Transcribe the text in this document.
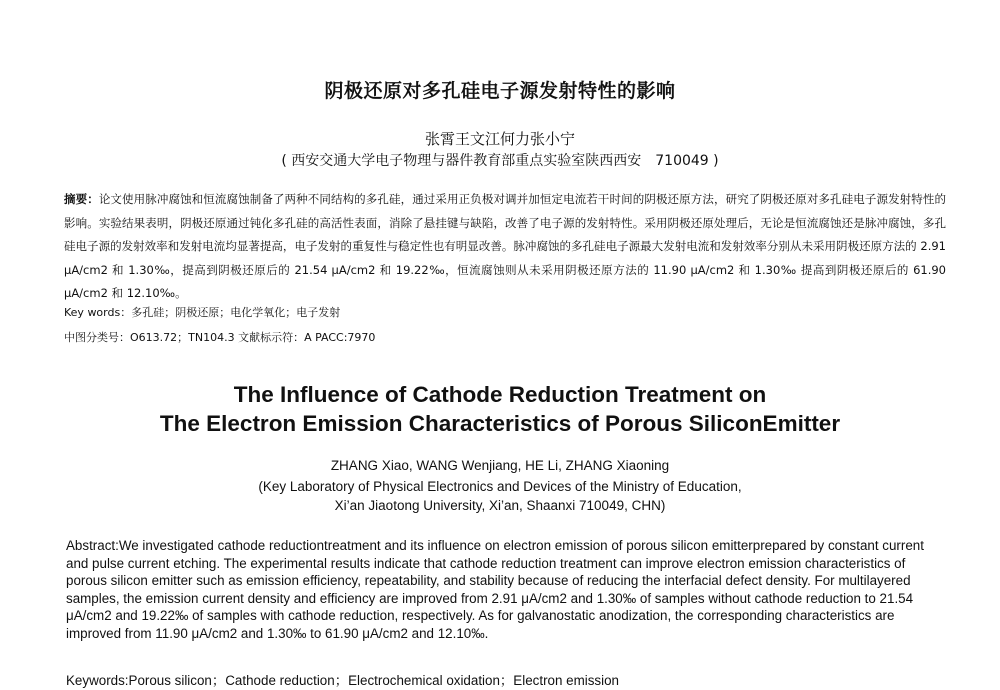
阴极还原对多孔硅电子源发射特性的影响
张霄王文江何力张小宁
( 西安交通大学电子物理与器件教育部重点实验室陕西西安　710049 )
摘要：论文使用脉冲腐蚀和恒流腐蚀制备了两种不同结构的多孔硅，通过采用正负极对调并加恒定电流若干时间的阴极还原方法，研究了阴极还原对多孔硅电子源发射特性的影响。实验结果表明，阴极还原通过钝化多孔硅的高活性表面，消除了悬挂键与缺陷，改善了电子源的发射特性。采用阴极还原处理后，无论是恒流腐蚀还是脉冲腐蚀，多孔硅电子源的发射效率和发射电流均显著提高，电子发射的重复性与稳定性也有明显改善。脉冲腐蚀的多孔硅电子源最大发射电流和发射效率分别从未采用阴极还原方法的 2.91 μA/cm2 和 1.30‰，提高到阴极还原后的 21.54 μA/cm2 和 19.22‰，恒流腐蚀则从未采用阴极还原方法的 11.90 μA/cm2 和 1.30‰ 提高到阴极还原后的 61.90 μA/cm2 和 12.10‰。
Key words：多孔硅；阴极还原；电化学氧化；电子发射
中图分类号：O613.72；TN104.3 文献标示符：A PACC:7970
The Influence of Cathode Reduction Treatment on
The Electron Emission Characteristics of Porous SiliconEmitter
ZHANG Xiao, WANG Wenjiang, HE Li, ZHANG Xiaoning
(Key Laboratory of Physical Electronics and Devices of the Ministry of Education,
Xi’an Jiaotong University, Xi’an, Shaanxi 710049, CHN)
Abstract:We investigated cathode reductiontreatment and its influence on electron emission of porous silicon emitterprepared by constant current and pulse current etching. The experimental results indicate that cathode reduction treatment can improve electron emission characteristics of porous silicon emitter such as emission efficiency, repeatability, and stability because of reducing the interfacial defect density. For multilayered samples, the emission current density and efficiency are improved from 2.91 μA/cm2 and 1.30‰ of samples without cathode reduction to 21.54 μA/cm2 and 19.22‰ of samples with cathode reduction, respectively. As for galvanostatic anodization, the corresponding characteristics are improved from 11.90 μA/cm2 and 1.30‰ to 61.90 μA/cm2 and 12.10‰.
Keywords:Porous silicon；Cathode reduction；Electrochemical oxidation；Electron emission
